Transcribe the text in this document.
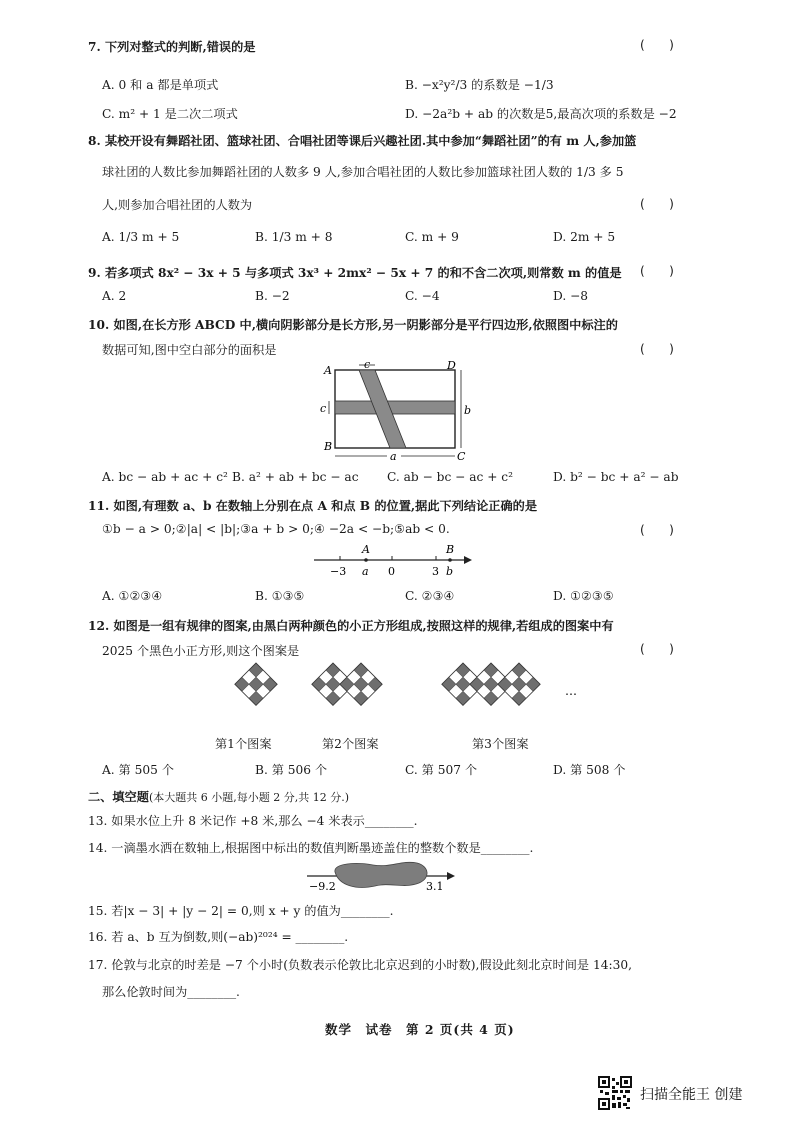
7. 下列对整式的判断,错误的是	(　　)
A. 0 和 a 都是单项式	B. −x²y²/3 的系数是 −1/3
C. m² + 1 是二次二项式	D. −2a²b + ab 的次数是5,最高次项的系数是 −2
8. 某校开设有舞蹈社团、篮球社团、合唱社团等课后兴趣社团.其中参加“舞蹈社团”的有 m 人,参加篮
球社团的人数比参加舞蹈社团的人数多 9 人,参加合唱社团的人数比参加篮球社团人数的 1/3 多 5
人,则参加合唱社团的人数为	(　　)
A. 1/3 m + 5	B. 1/3 m + 8	C. m + 9	D. 2m + 5
9. 若多项式 8x² − 3x + 5 与多项式 3x³ + 2mx² − 5x + 7 的和不含二次项,则常数 m 的值是 (　　)
A. 2	B. −2	C. −4	D. −8
10. 如图,在长方形 ABCD 中,横向阴影部分是长方形,另一阴影部分是平行四边形,依照图中标注的
数据可知,图中空白部分的面积是	(　　)
c
c	b
a
A
B
C
D
A. bc − ab + ac + c² B. a² + ab + bc − ac C. ab − bc − ac + c²	D. b² − bc + a² − ab
11. 如图,有理数 a、b 在数轴上分别在点 A 和点 B 的位置,据此下列结论正确的是
①b − a > 0;②|a| < |b|;③a + b > 0;④ −2a < −b;⑤ab < 0.	(　　)
A	B
−3 a 0	3 b
A. ①②③④	B. ①③⑤	C. ②③④	D. ①②③⑤
12. 如图是一组有规律的图案,由黑白两种颜色的小正方形组成,按照这样的规律,若组成的图案中有
2025 个黑色小正方形,则这个图案是	(　　)
…
第1个图案	第2个图案	第3个图案
A. 第 505 个	B. 第 506 个	C. 第 507 个	D. 第 508 个
二、填空题(本大题共 6 小题,每小题 2 分,共 12 分.)
13. 如果水位上升 8 米记作 +8 米,那么 −4 米表示________.
14. 一滴墨水洒在数轴上,根据图中标出的数值判断墨迹盖住的整数个数是________.
−9.2	3.1
15. 若|x − 3| + |y − 2| = 0,则 x + y 的值为________.
16. 若 a、b 互为倒数,则(−ab)²⁰²⁴ = ________.
17. 伦敦与北京的时差是 −7 个小时(负数表示伦敦比北京迟到的小时数),假设此刻北京时间是 14:30,
那么伦敦时间为________.
数学　试卷　第 2 页(共 4 页)
扫描全能王 创建
